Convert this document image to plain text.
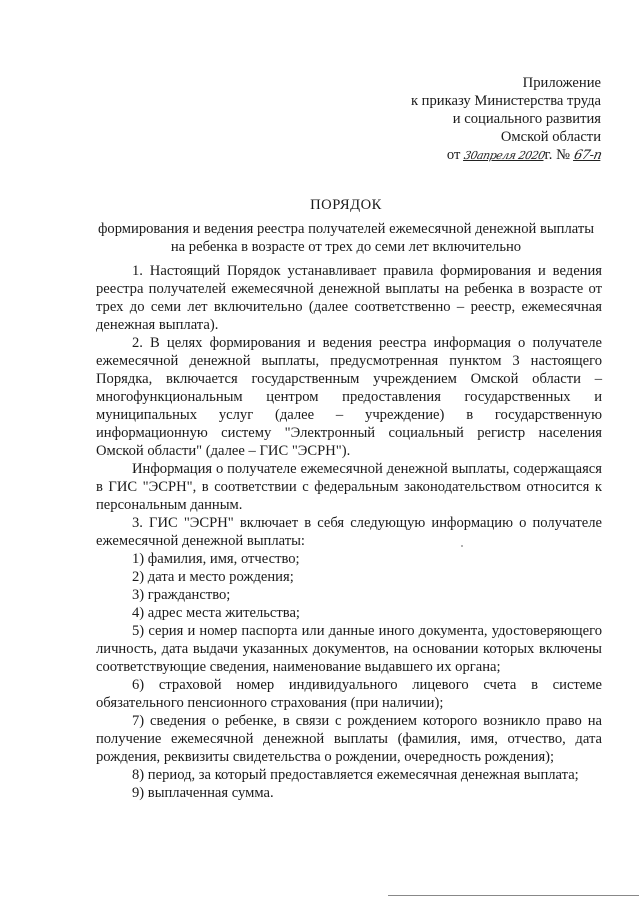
Приложение
к приказу Министерства труда
и социального развития
Омской области
от 30апреля 2020г. № 67-п
ПОРЯДОК
формирования и ведения реестра получателей ежемесячной денежной выплаты на ребенка в возрасте от трех до семи лет включительно

1. Настоящий Порядок устанавливает правила формирования и ведения реестра получателей ежемесячной денежной выплаты на ребенка в возрасте от трех до семи лет включительно (далее соответственно – реестр, ежемесячная денежная выплата).

2. В целях формирования и ведения реестра информация о получателе ежемесячной денежной выплаты, предусмотренная пунктом 3 настоящего Порядка, включается государственным учреждением Омской области – многофункциональным центром предоставления государственных и муниципальных услуг (далее – учреждение) в государственную информационную систему "Электронный социальный регистр населения Омской области" (далее – ГИС "ЭСРН").

Информация о получателе ежемесячной денежной выплаты, содержащаяся в ГИС "ЭСРН", в соответствии с федеральным законодательством относится к персональным данным.

3. ГИС "ЭСРН" включает в себя следующую информацию о получателе ежемесячной денежной выплаты:

1) фамилия, имя, отчество;

2) дата и место рождения;

3) гражданство;

4) адрес места жительства;

5) серия и номер паспорта или данные иного документа, удостоверяющего личность, дата выдачи указанных документов, на основании которых включены соответствующие сведения, наименование выдавшего их органа;

6) страховой номер индивидуального лицевого счета в системе обязательного пенсионного страхования (при наличии);

7) сведения о ребенке, в связи с рождением которого возникло право на получение ежемесячной денежной выплаты (фамилия, имя, отчество, дата рождения, реквизиты свидетельства о рождении, очередность рождения);

8) период, за который предоставляется ежемесячная денежная выплата;

9) выплаченная сумма.
